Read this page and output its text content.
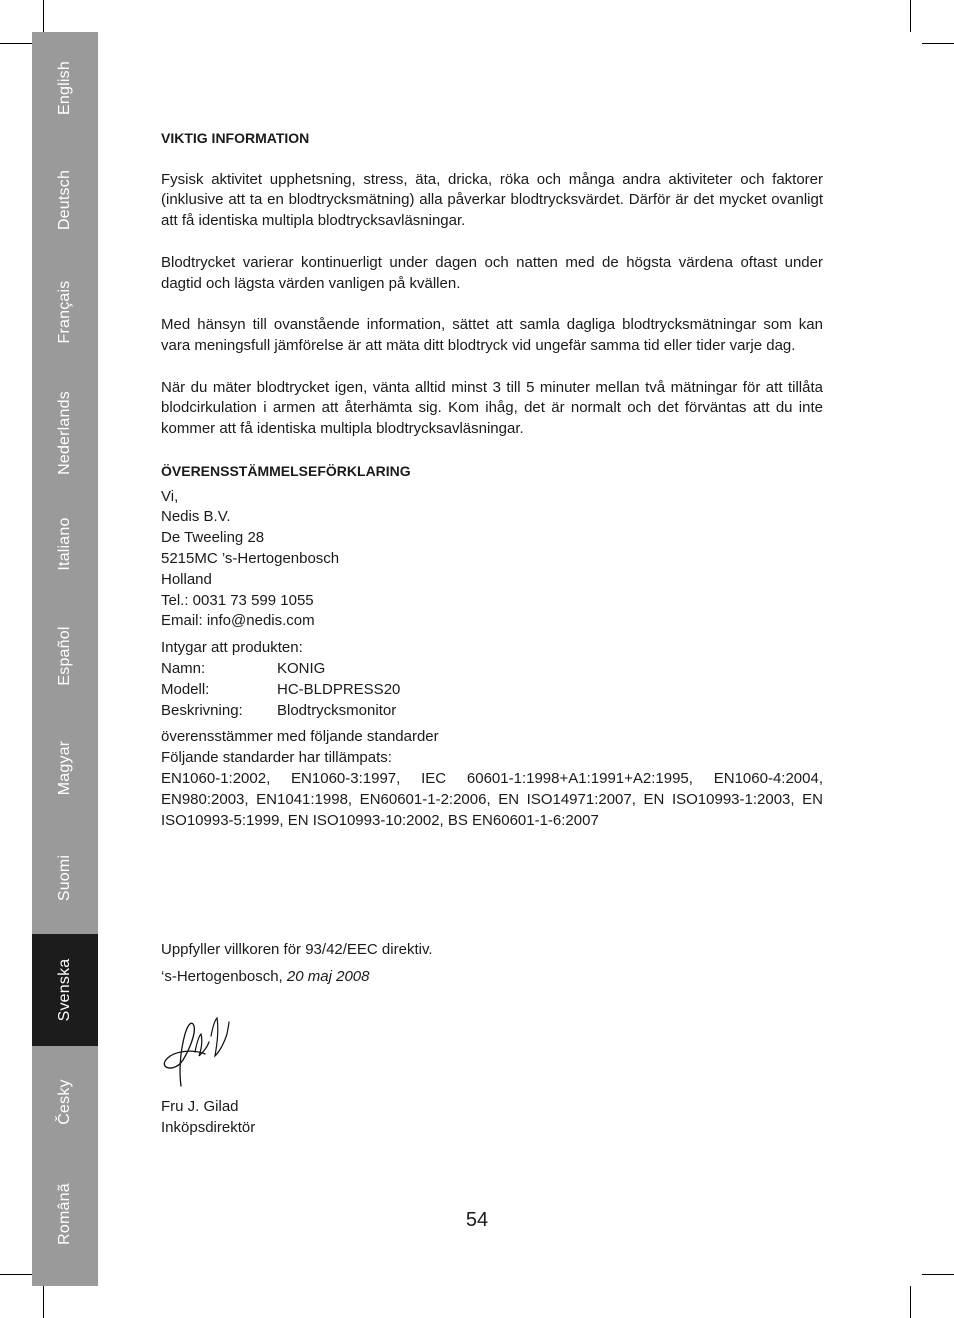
English
Deutsch
Français
Nederlands
Italiano
Español
Magyar
Suomi
Svenska
Česky
Românã
VIKTIG INFORMATION

Fysisk aktivitet upphetsning, stress, äta, dricka, röka och många andra aktiviteter och faktorer (inklusive att ta en blodtrycksmätning) alla påverkar blodtrycksvärdet. Därför är det mycket ovanligt att få identiska multipla blodtrycksavläsningar.

Blodtrycket varierar kontinuerligt under dagen och natten med de högsta värdena oftast under dagtid och lägsta värden vanligen på kvällen.

Med hänsyn till ovanstående information, sättet att samla dagliga blodtrycksmätningar som kan vara meningsfull jämförelse är att mäta ditt blodtryck vid ungefär samma tid eller tider varje dag.

När du mäter blodtrycket igen, vänta alltid minst 3 till 5 minuter mellan två mätningar för att tillåta blodcirkulation i armen att återhämta sig. Kom ihåg, det är normalt och det förväntas att du inte kommer att få identiska multipla blodtrycksavläsningar.

ÖVERENSSTÄMMELSEFÖRKLARING
Vi,
Nedis B.V.
De Tweeling 28
5215MC ’s-Hertogenbosch
Holland
Tel.: 0031 73 599 1055
Email: info@nedis.com
Intygar att produkten:
Namn:	KONIG
Modell:	HC-BLDPRESS20
Beskrivning:	Blodtrycksmonitor
överensstämmer med följande standarder
Följande standarder har tillämpats:
EN1060-1:2002, EN1060-3:1997, IEC 60601-1:1998+A1:1991+A2:1995, EN1060-4:2004,
EN980:2003, EN1041:1998, EN60601-1-2:2006, EN ISO14971:2007, EN ISO10993-1:2003, EN
ISO10993-5:1999, EN ISO10993-10:2002, BS EN60601-1-6:2007
Uppfyller villkoren för 93/42/EEC direktiv.
‘s-Hertogenbosch, 20 maj 2008
Fru J. Gilad
Inköpsdirektör
54
